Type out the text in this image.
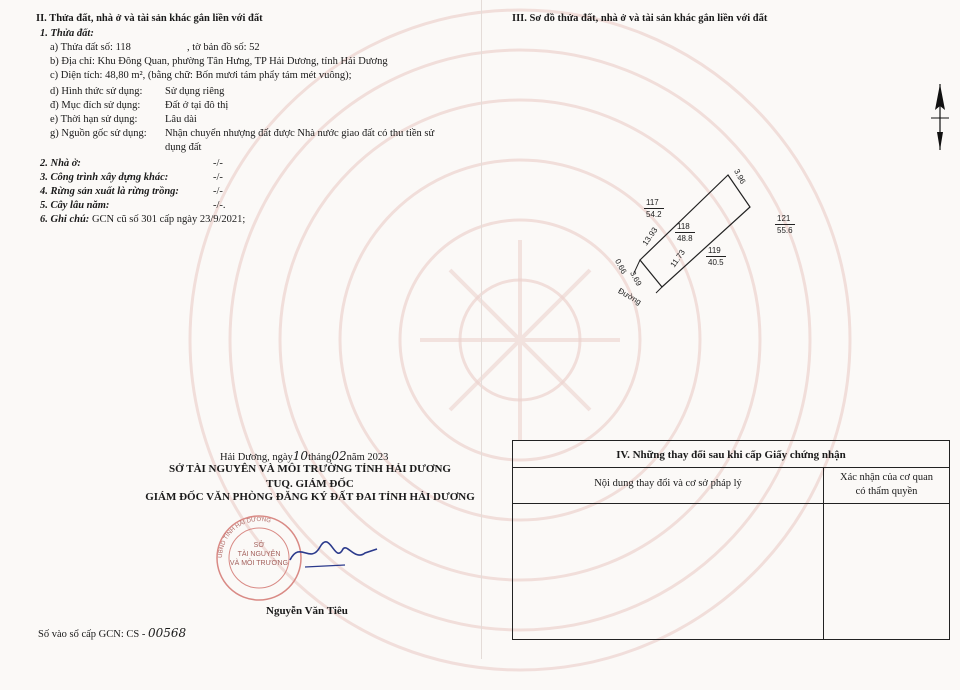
II. Thửa đất, nhà ở và tài sản khác gắn liền với đất
1. Thửa đất:
a) Thửa đất số: 118	, tờ bản đồ số: 52
b) Địa chỉ: Khu Đông Quan, phường Tân Hưng, TP Hải Dương, tỉnh Hải Dương
c) Diện tích: 48,80 m², (bằng chữ: Bốn mươi tám phẩy tám mét vuông);
d) Hình thức sử dụng: Sử dụng riêng
đ) Mục đích sử dụng: Đất ở tại đô thị
e) Thời hạn sử dụng:	Lâu dài
g) Nguồn gốc sử dụng: Nhận chuyển nhượng đất được Nhà nước giao đất có thu tiền sử
dụng đất
2. Nhà ở:	-/-
3. Công trình xây dựng khác:	-/-
4. Rừng sản xuất là rừng trồng:	-/-
5. Cây lâu năm:	-/-.
6. Ghi chú: GCN cũ số 301 cấp ngày 23/9/2021;
Hải Dương, ngày10tháng02năm 2023
SỞ TÀI NGUYÊN VÀ MÔI TRƯỜNG TỈNH HẢI DƯƠNG
TUQ. GIÁM ĐỐC
GIÁM ĐỐC VĂN PHÒNG ĐĂNG KÝ ĐẤT ĐAI TỈNH HẢI DƯƠNG
UBND TỈNH HẢI DƯƠNG
SỞ
TÀI NGUYÊN
VÀ MÔI TRƯỜNG
Nguyễn Văn Tiêu
Số vào sổ cấp GCN: CS - 00568
III. Sơ đồ thửa đất, nhà ở và tài sản khác gắn liền với đất
117
54.2
118
48.8
119
40.5
121
55.6
3.96
13.93
11.73
0.66
3.69
Đường
IV. Những thay đổi sau khi cấp Giấy chứng nhận
Nội dung thay đổi và cơ sở pháp lý
Xác nhận của cơ quan
có thẩm quyền
